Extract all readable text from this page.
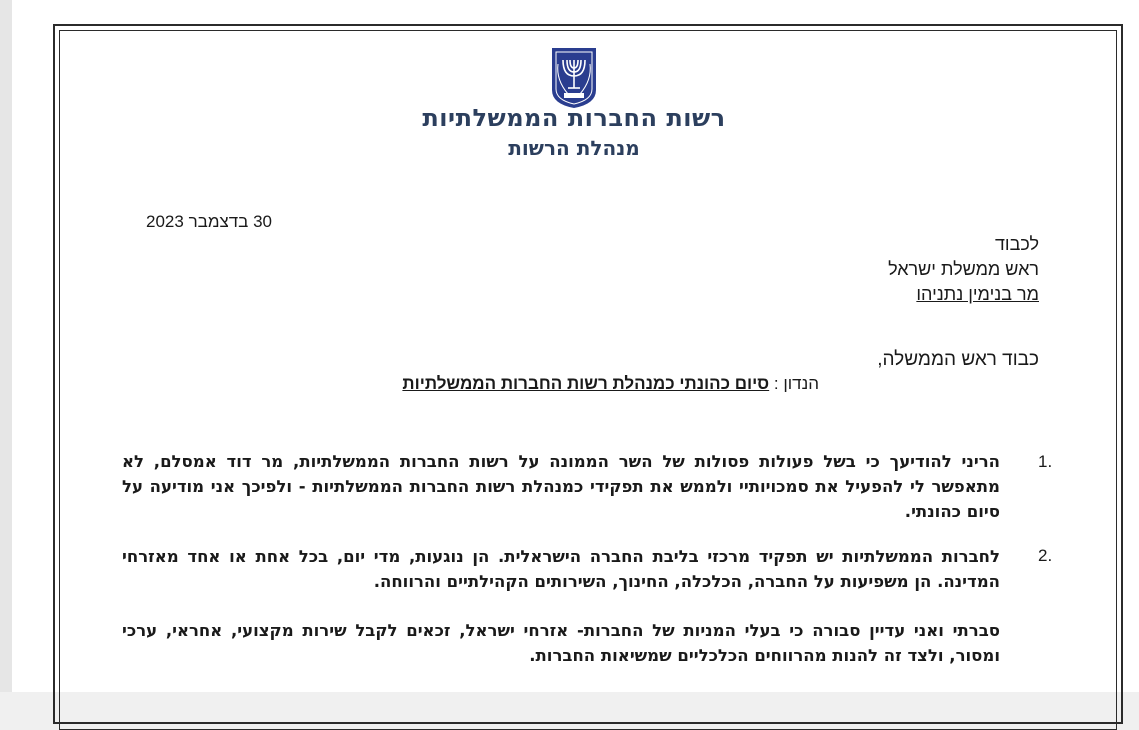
רשות החברות הממשלתיות
מנהלת הרשות
30 בדצמבר 2023
לכבוד
ראש ממשלת ישראל
מר בנימין נתניהו
כבוד ראש הממשלה,
הנדון : סיום כהונתי כמנהלת רשות החברות הממשלתיות
1.
הריני להודיעך כי בשל פעולות פסולות של השר הממונה על רשות החברות הממשלתיות, מר דוד אמסלם, לא מתאפשר לי להפעיל את סמכויותיי ולממש את תפקידי כמנהלת רשות החברות הממשלתיות - ולפיכך אני מודיעה על סיום כהונתי.
2.
לחברות הממשלתיות יש תפקיד מרכזי בליבת החברה הישראלית. הן נוגעות, מדי יום, בכל אחת או אחד מאזרחי המדינה. הן משפיעות על החברה, הכלכלה, החינוך, השירותים הקהילתיים והרווחה.
סברתי ואני עדיין סבורה כי בעלי המניות של החברות- אזרחי ישראל, זכאים לקבל שירות מקצועי, אחראי, ערכי ומסור, ולצד זה להנות מהרווחים הכלכליים שמשיאות החברות.
